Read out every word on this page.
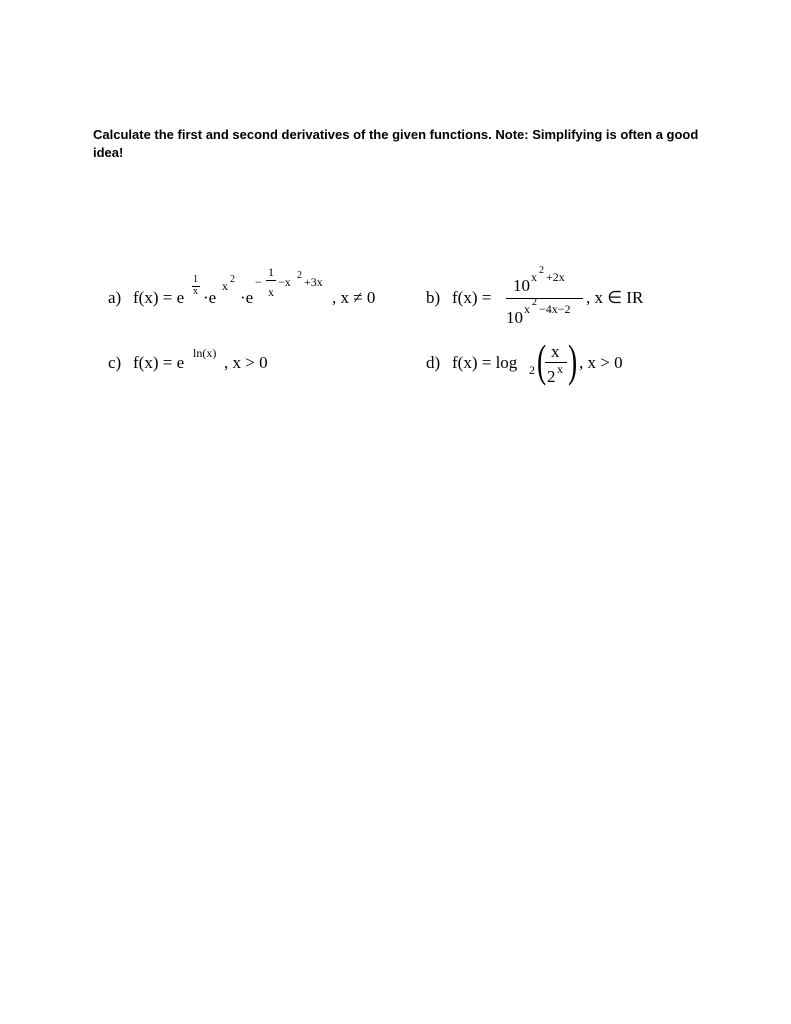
Calculate the first and second derivatives of the given functions. Note: Simplifying is often a good idea!

a) f(x) = e
1
x ·e
x 2
·e
−
1
x
−x 2 +3x
, x ≠ 0	b) f(x) =
10 x 2 +2x
10 x 2 −4x−2
, x ∈ IR
c) f(x) = e ln(x) , x > 0	d) f(x) = log 2 ( x
2 x ) , x > 0
